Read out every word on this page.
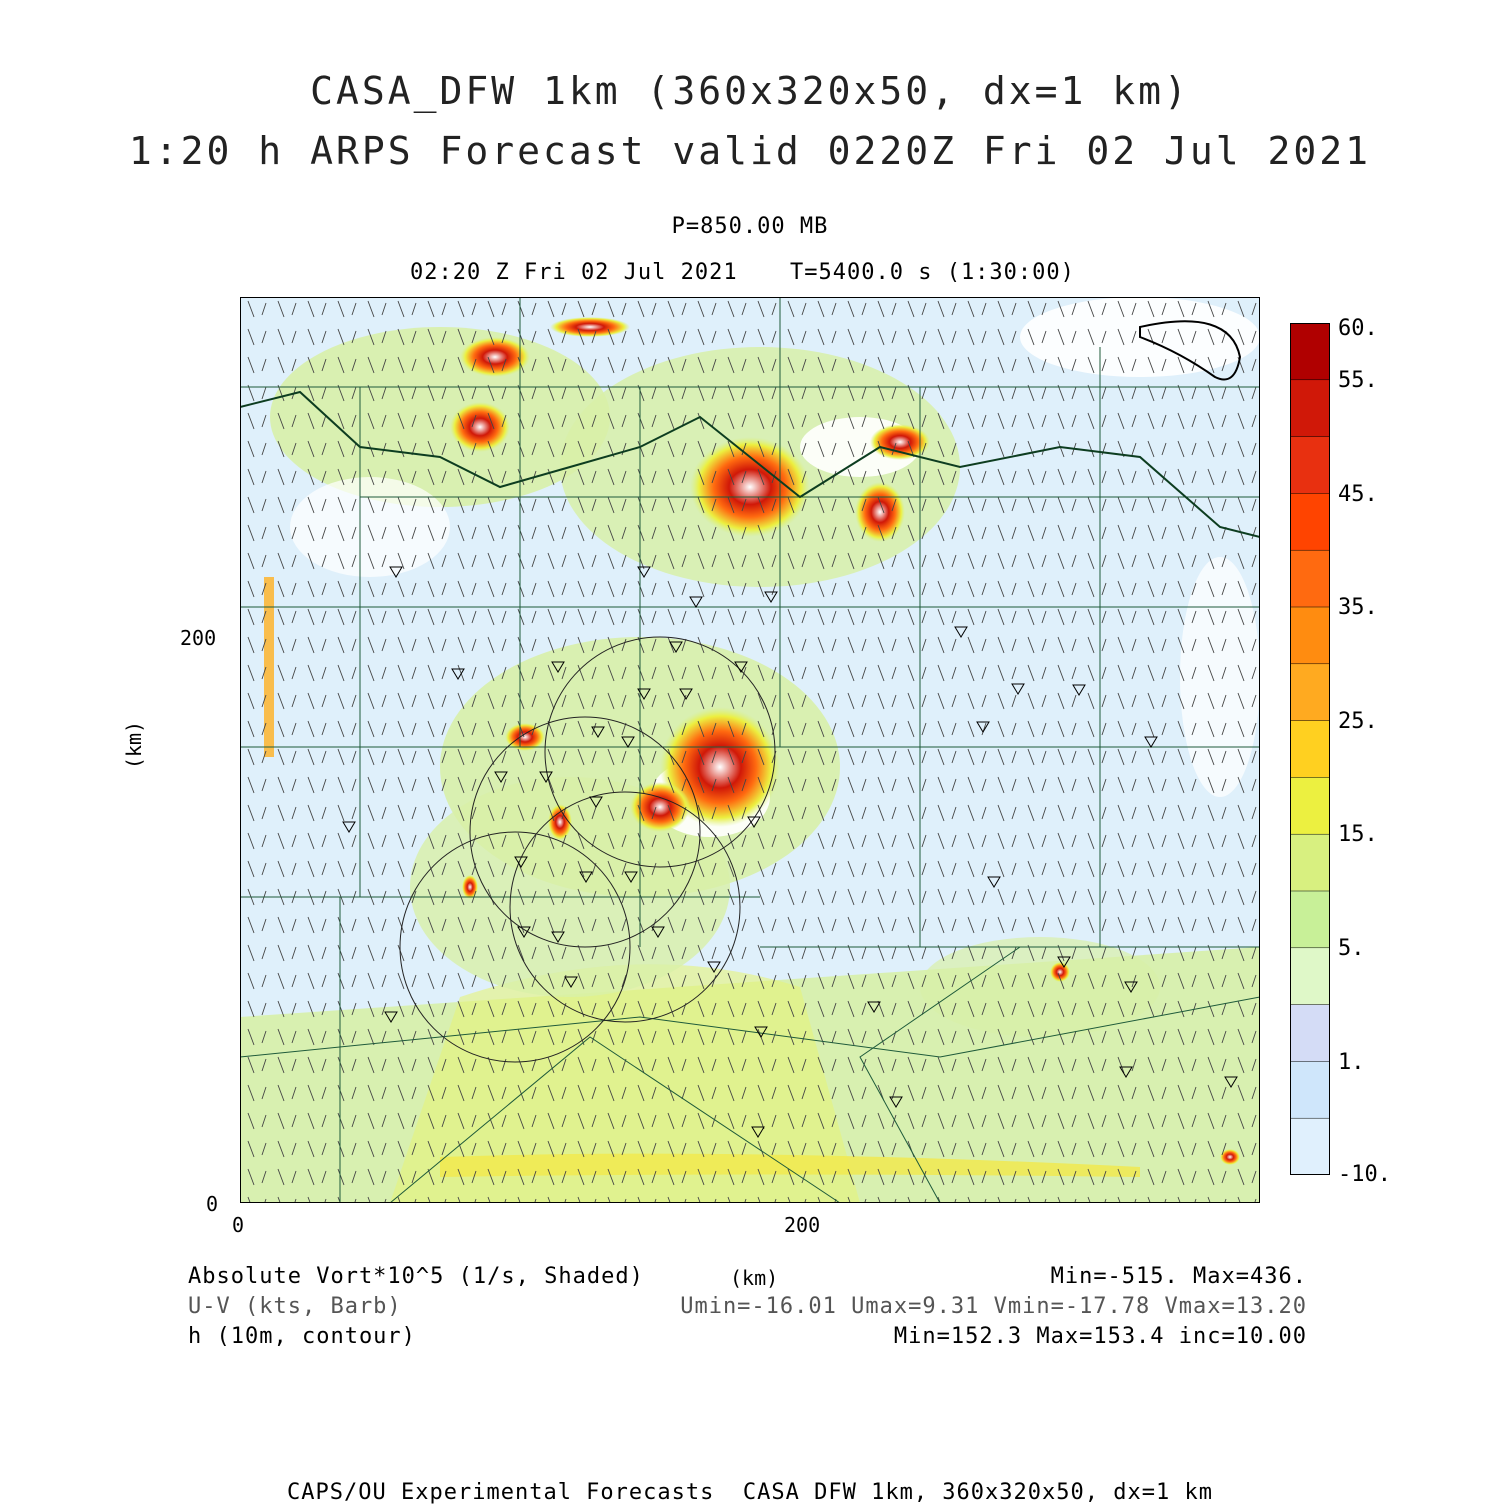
CASA_DFW 1km (360x320x50, dx=1 km)
1:20 h ARPS Forecast valid 0220Z Fri 02 Jul 2021
P=850.00 MB
02:20 Z Fri 02 Jul 2021 T=5400.0 s (1:30:00)
200
0
0	200
(km)
(km)
60.
55.
45.
35.
25.
15.
5.
1.
-10.
Absolute Vort*10^5 (1/s, Shaded)
U-V (kts, Barb)
h (10m, contour)
Min=-515. Max=436.
Umin=-16.01 Umax=9.31 Vmin=-17.78 Vmax=13.20
Min=152.3 Max=153.4 inc=10.00
CAPS/OU Experimental Forecasts  CASA DFW 1km, 360x320x50, dx=1 km
